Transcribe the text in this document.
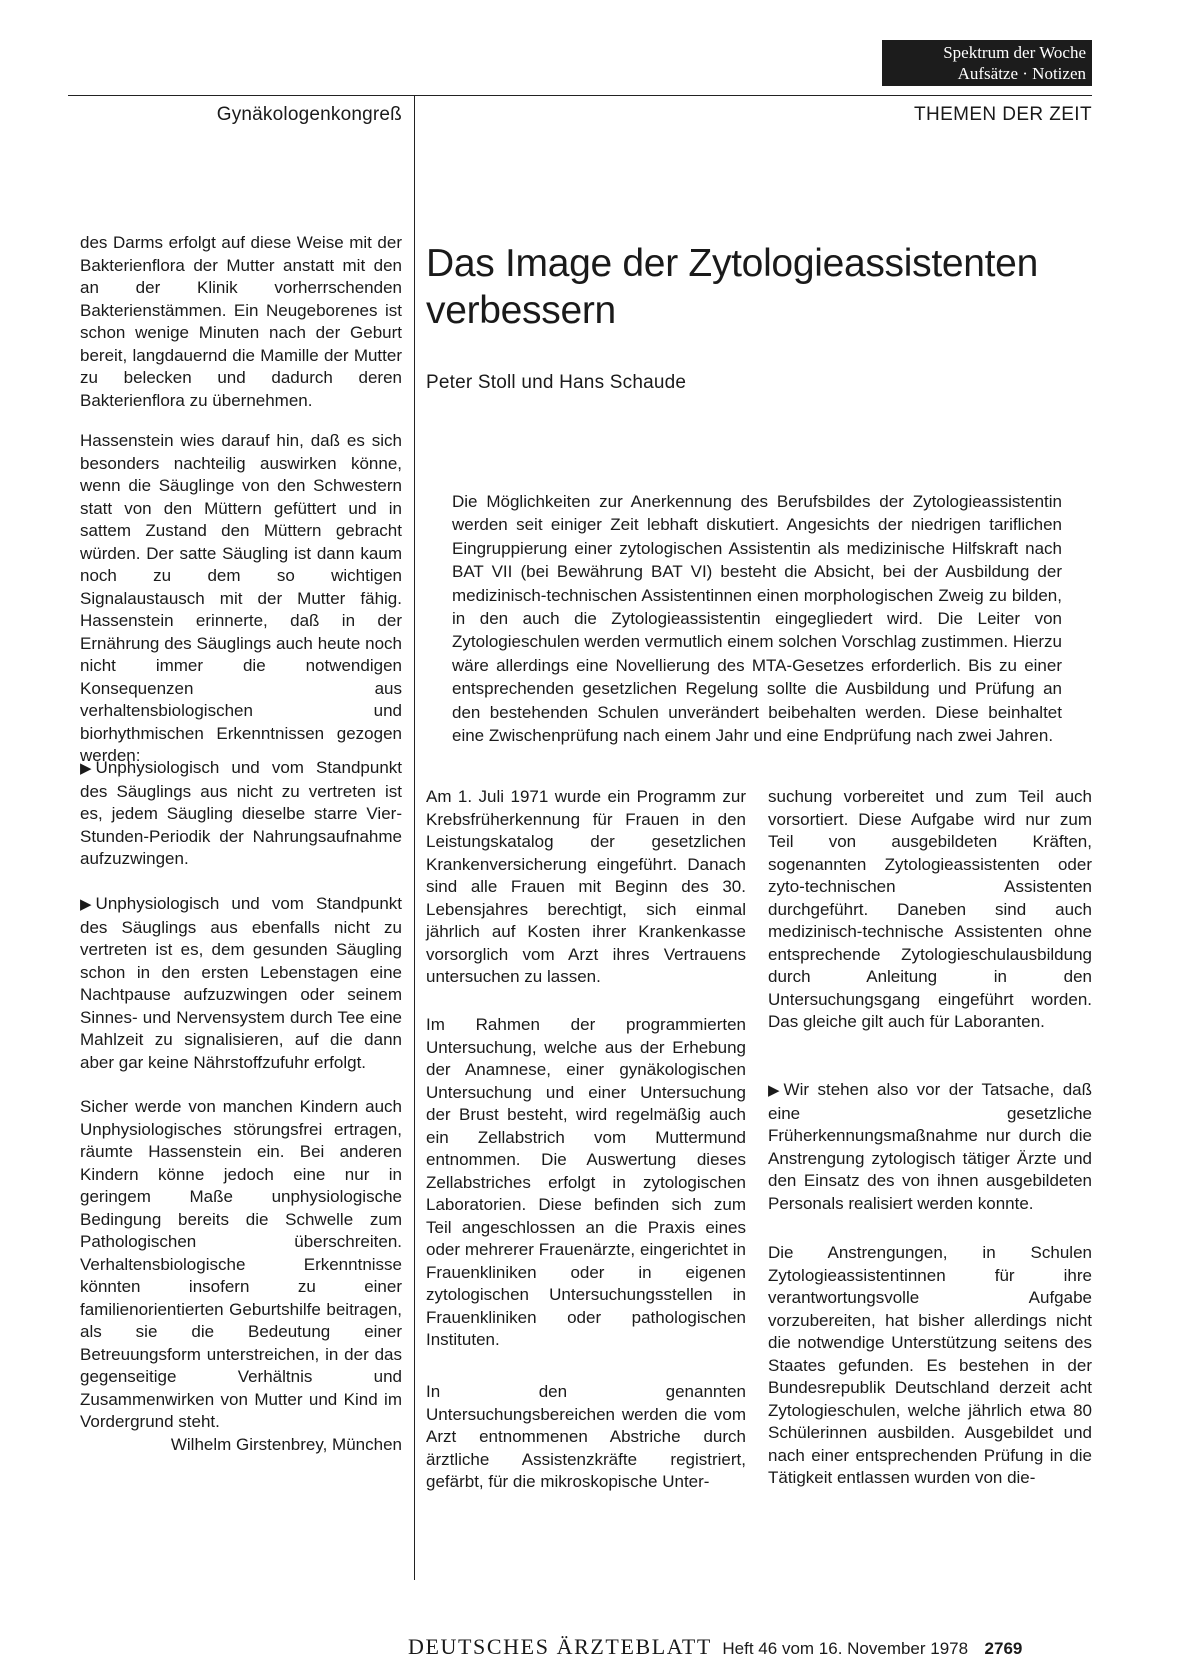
Spektrum der Woche
Aufsätze · Notizen
Gynäkologenkongreß	THEMEN DER ZEIT

des Darms erfolgt auf diese Weise mit der Bakterienflora der Mutter anstatt mit den an der Klinik vorherrschenden Bakterienstämmen. Ein Neugeborenes ist schon wenige Minuten nach der Geburt bereit, langdauernd die Mamille der Mutter zu belecken und dadurch deren Bakterienflora zu übernehmen.

Hassenstein wies darauf hin, daß es sich besonders nachteilig auswirken könne, wenn die Säuglinge von den Schwestern statt von den Müttern gefüttert und in sattem Zustand den Müttern gebracht würden. Der satte Säugling ist dann kaum noch zu dem so wichtigen Signalaustausch mit der Mutter fähig. Hassenstein erinnerte, daß in der Ernährung des Säuglings auch heute noch nicht immer die notwendigen Konsequenzen aus verhaltensbiologischen und biorhythmischen Erkenntnissen gezogen werden:

▶ Unphysiologisch und vom Standpunkt des Säuglings aus nicht zu vertreten ist es, jedem Säugling dieselbe starre Vier-Stunden-Periodik der Nahrungsaufnahme aufzuzwingen.

▶ Unphysiologisch und vom Standpunkt des Säuglings aus ebenfalls nicht zu vertreten ist es, dem gesunden Säugling schon in den ersten Lebenstagen eine Nachtpause aufzuzwingen oder seinem Sinnes- und Nervensystem durch Tee eine Mahlzeit zu signalisieren, auf die dann aber gar keine Nährstoffzufuhr erfolgt.

Sicher werde von manchen Kindern auch Unphysiologisches störungsfrei ertragen, räumte Hassenstein ein. Bei anderen Kindern könne jedoch eine nur in geringem Maße unphysiologische Bedingung bereits die Schwelle zum Pathologischen überschreiten. Verhaltensbiologische Erkenntnisse könnten insofern zu einer familienorientierten Geburtshilfe beitragen, als sie die Bedeutung einer Betreuungsform unterstreichen, in der das gegenseitige Verhältnis und Zusammenwirken von Mutter und Kind im Vordergrund steht.

Wilhelm Girstenbrey, München

Das Image der Zytologieassistenten
verbessern
Peter Stoll und Hans Schaude
Die Möglichkeiten zur Anerkennung des Berufsbildes der Zytologieassistentin werden seit einiger Zeit lebhaft diskutiert. Angesichts der niedrigen tariflichen Eingruppierung einer zytologischen Assistentin als medizinische Hilfskraft nach BAT VII (bei Bewährung BAT VI) besteht die Absicht, bei der Ausbildung der medizinisch-technischen Assistentinnen einen morphologischen Zweig zu bilden, in den auch die Zytologieassistentin eingegliedert wird. Die Leiter von Zytologieschulen werden vermutlich einem solchen Vorschlag zustimmen. Hierzu wäre allerdings eine Novellierung des MTA-Gesetzes erforderlich. Bis zu einer entsprechenden gesetzlichen Regelung sollte die Ausbildung und Prüfung an den bestehenden Schulen unverändert beibehalten werden. Diese beinhaltet eine Zwischenprüfung nach einem Jahr und eine Endprüfung nach zwei Jahren.

Am 1. Juli 1971 wurde ein Programm zur Krebsfrüherkennung für Frauen in den Leistungskatalog der gesetzlichen Krankenversicherung eingeführt. Danach sind alle Frauen mit Beginn des 30. Lebensjahres berechtigt, sich einmal jährlich auf Kosten ihrer Krankenkasse vorsorglich vom Arzt ihres Vertrauens untersuchen zu lassen.

Im Rahmen der programmierten Untersuchung, welche aus der Erhebung der Anamnese, einer gynäkologischen Untersuchung und einer Untersuchung der Brust besteht, wird regelmäßig auch ein Zellabstrich vom Muttermund entnommen. Die Auswertung dieses Zellabstriches erfolgt in zytologischen Laboratorien. Diese befinden sich zum Teil angeschlossen an die Praxis eines oder mehrerer Frauenärzte, eingerichtet in Frauenkliniken oder in eigenen zytologischen Untersuchungsstellen in Frauenkliniken oder pathologischen Instituten.

In den genannten Untersuchungsbereichen werden die vom Arzt entnommenen Abstriche durch ärztliche Assistenzkräfte registriert, gefärbt, für die mikroskopische Unter-

suchung vorbereitet und zum Teil auch vorsortiert. Diese Aufgabe wird nur zum Teil von ausgebildeten Kräften, sogenannten Zytologieassistenten oder zyto-technischen Assistenten durchgeführt. Daneben sind auch medizinisch-technische Assistenten ohne entsprechende Zytologieschulausbildung durch Anleitung in den Untersuchungsgang eingeführt worden. Das gleiche gilt auch für Laboranten.

▶ Wir stehen also vor der Tatsache, daß eine gesetzliche Früherkennungsmaßnahme nur durch die Anstrengung zytologisch tätiger Ärzte und den Einsatz des von ihnen ausgebildeten Personals realisiert werden konnte.

Die Anstrengungen, in Schulen Zytologieassistentinnen für ihre verantwortungsvolle Aufgabe vorzubereiten, hat bisher allerdings nicht die notwendige Unterstützung seitens des Staates gefunden. Es bestehen in der Bundesrepublik Deutschland derzeit acht Zytologieschulen, welche jährlich etwa 80 Schülerinnen ausbilden. Ausgebildet und nach einer entsprechenden Prüfung in die Tätigkeit entlassen wurden von die-

DEUTSCHES ÄRZTEBLATT Heft 46 vom 16. November 1978 2769
